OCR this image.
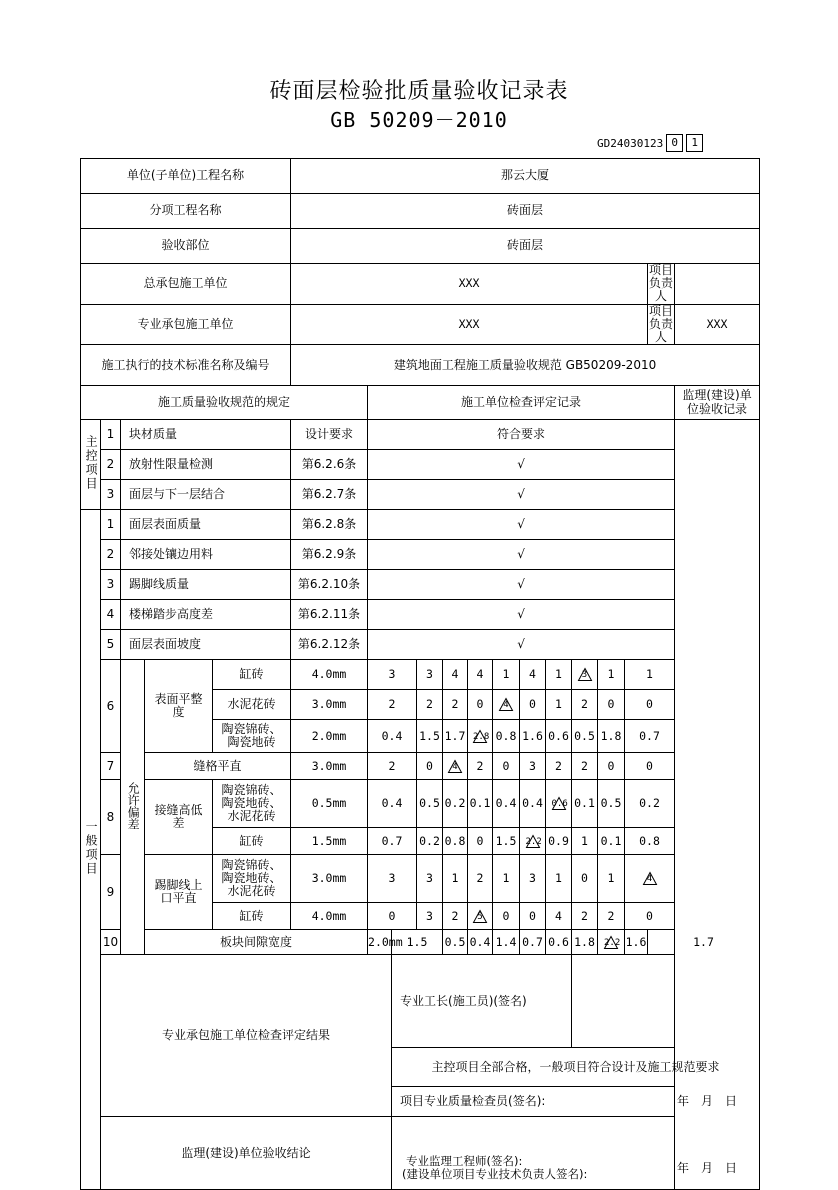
砖面层检验批质量验收记录表
GB 50209－2010
GD24030123 0	1
单位(子单位)工程名称					那云大厦														
分项工程名称					砖面层														
验收部位					砖面层														
总承包施工单位					XXX												项目负责人		
专业承包施工单位					XXX												项目负责人	XXX	
施工执行的技术标准名称及编号					建筑地面工程施工质量验收规范 GB50209-2010														
施工质量验收规范的规定						施工单位检查评定记录												监理(建设)单位验收记录	
主控项目	1	块材质量			设计要求	符合要求													
	2	放射性限量检测			第6.2.6条	√													
	3	面层与下一层结合			第6.2.7条	√													
一般项目	1	面层表面质量			第6.2.8条	√													
	2	邻接处镶边用料			第6.2.9条	√													
	3	踢脚线质量			第6.2.10条	√													
	4	楼梯踏步高度差			第6.2.11条	√													
	5	面层表面坡度			第6.2.12条	√													
	6	允许偏差	表面平整度	缸砖	4.0mm	3		3	4	4	1	4	1	3	1	1			
				水泥花砖	3.0mm	2		2	2	0	4	0	1	2	0	0			
				陶瓷锦砖、陶瓷地砖	2.0mm	0.4		1.5	1.7	2.8	0.8	1.6	0.6	0.5	1.8	0.7			
	7		缝格平直		3.0mm	2		0	4	2	0	3	2	2	0	0			
	8		接缝高低差	陶瓷锦砖、陶瓷地砖、水泥花砖	0.5mm	0.4		0.5	0.2	0.1	0.4	0.4	0.6	0.1	0.5	0.2			
				缸砖	1.5mm	0.7		0.2	0.8	0	1.5	2.2	0.9	1	0.1	0.8			
	9		踢脚线上口平直	陶瓷锦砖、陶瓷地砖、水泥花砖	3.0mm	3		3	1	2	1	3	1	0	1	4			

				缸砖	4.0mm	0		3	2	5	0	0	4	2	2	0			
	10		板块间隙宽度			2.0mm	1.5		0.5	0.4	1.4	0.7	0.6	1.8	2.2	1.6	1.7		
	专业承包施工单位检查评定结果						专业工长(施工员)(签名)			
							主控项目全部合格，一般项目符合设计及施工规范要求												

							项目专业质量检查员(签名): 年　月　日												

	监理(建设)单位验收结论						专业监理工程师(签名):
(建设单位项目专业技术负责人签名): 年　月　日												
